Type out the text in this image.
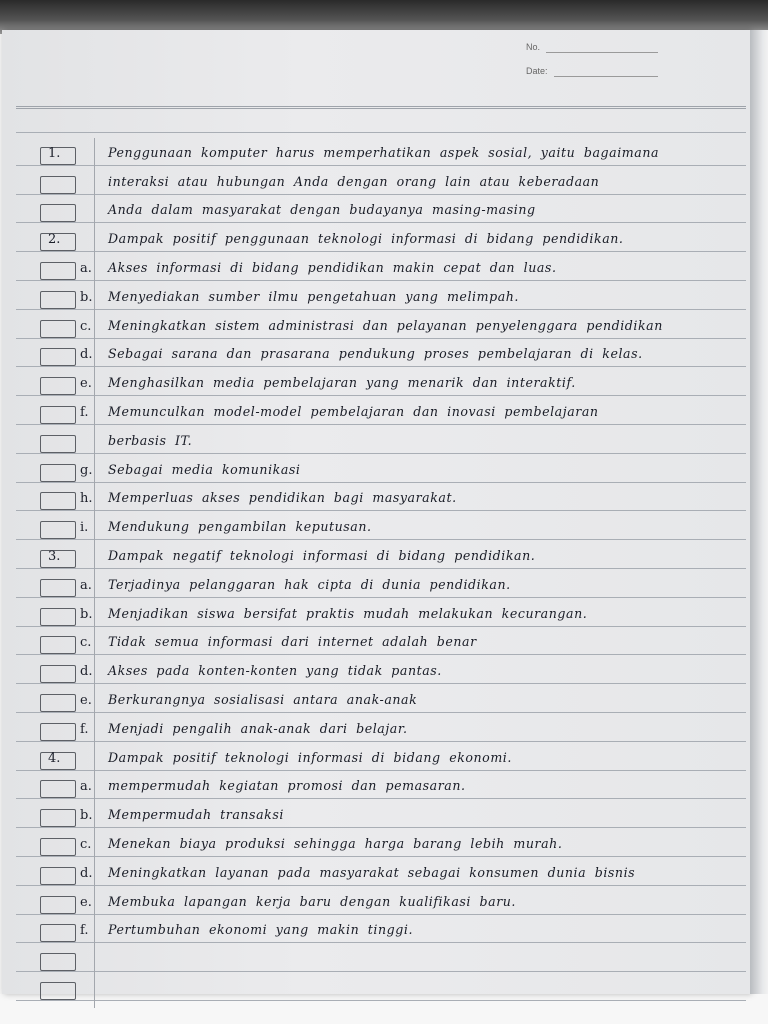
No.
Date:
1.	Penggunaan komputer harus memperhatikan aspek sosial, yaitu bagaimana
interaksi atau hubungan Anda dengan orang lain atau keberadaan
Anda dalam masyarakat dengan budayanya masing-masing
2.	Dampak positif penggunaan teknologi informasi di bidang pendidikan.
a. Akses informasi di bidang pendidikan makin cepat dan luas.
b. Menyediakan sumber ilmu pengetahuan yang melimpah.
c. Meningkatkan sistem administrasi dan pelayanan penyelenggara pendidikan
d. Sebagai sarana dan prasarana pendukung proses pembelajaran di kelas.
e. Menghasilkan media pembelajaran yang menarik dan interaktif.
f. Memunculkan model-model pembelajaran dan inovasi pembelajaran
berbasis IT.
g. Sebagai media komunikasi
h. Memperluas akses pendidikan bagi masyarakat.
i. Mendukung pengambilan keputusan.
3.	Dampak negatif teknologi informasi di bidang pendidikan.
a. Terjadinya pelanggaran hak cipta di dunia pendidikan.
b. Menjadikan siswa bersifat praktis mudah melakukan kecurangan.
c. Tidak semua informasi dari internet adalah benar
d. Akses pada konten-konten yang tidak pantas.
e. Berkurangnya sosialisasi antara anak-anak
f. Menjadi pengalih anak-anak dari belajar.
4.	Dampak positif teknologi informasi di bidang ekonomi.
a. mempermudah kegiatan promosi dan pemasaran.
b. Mempermudah transaksi
c. Menekan biaya produksi sehingga harga barang lebih murah.
d. Meningkatkan layanan pada masyarakat sebagai konsumen dunia bisnis
e. Membuka lapangan kerja baru dengan kualifikasi baru.
f. Pertumbuhan ekonomi yang makin tinggi.
